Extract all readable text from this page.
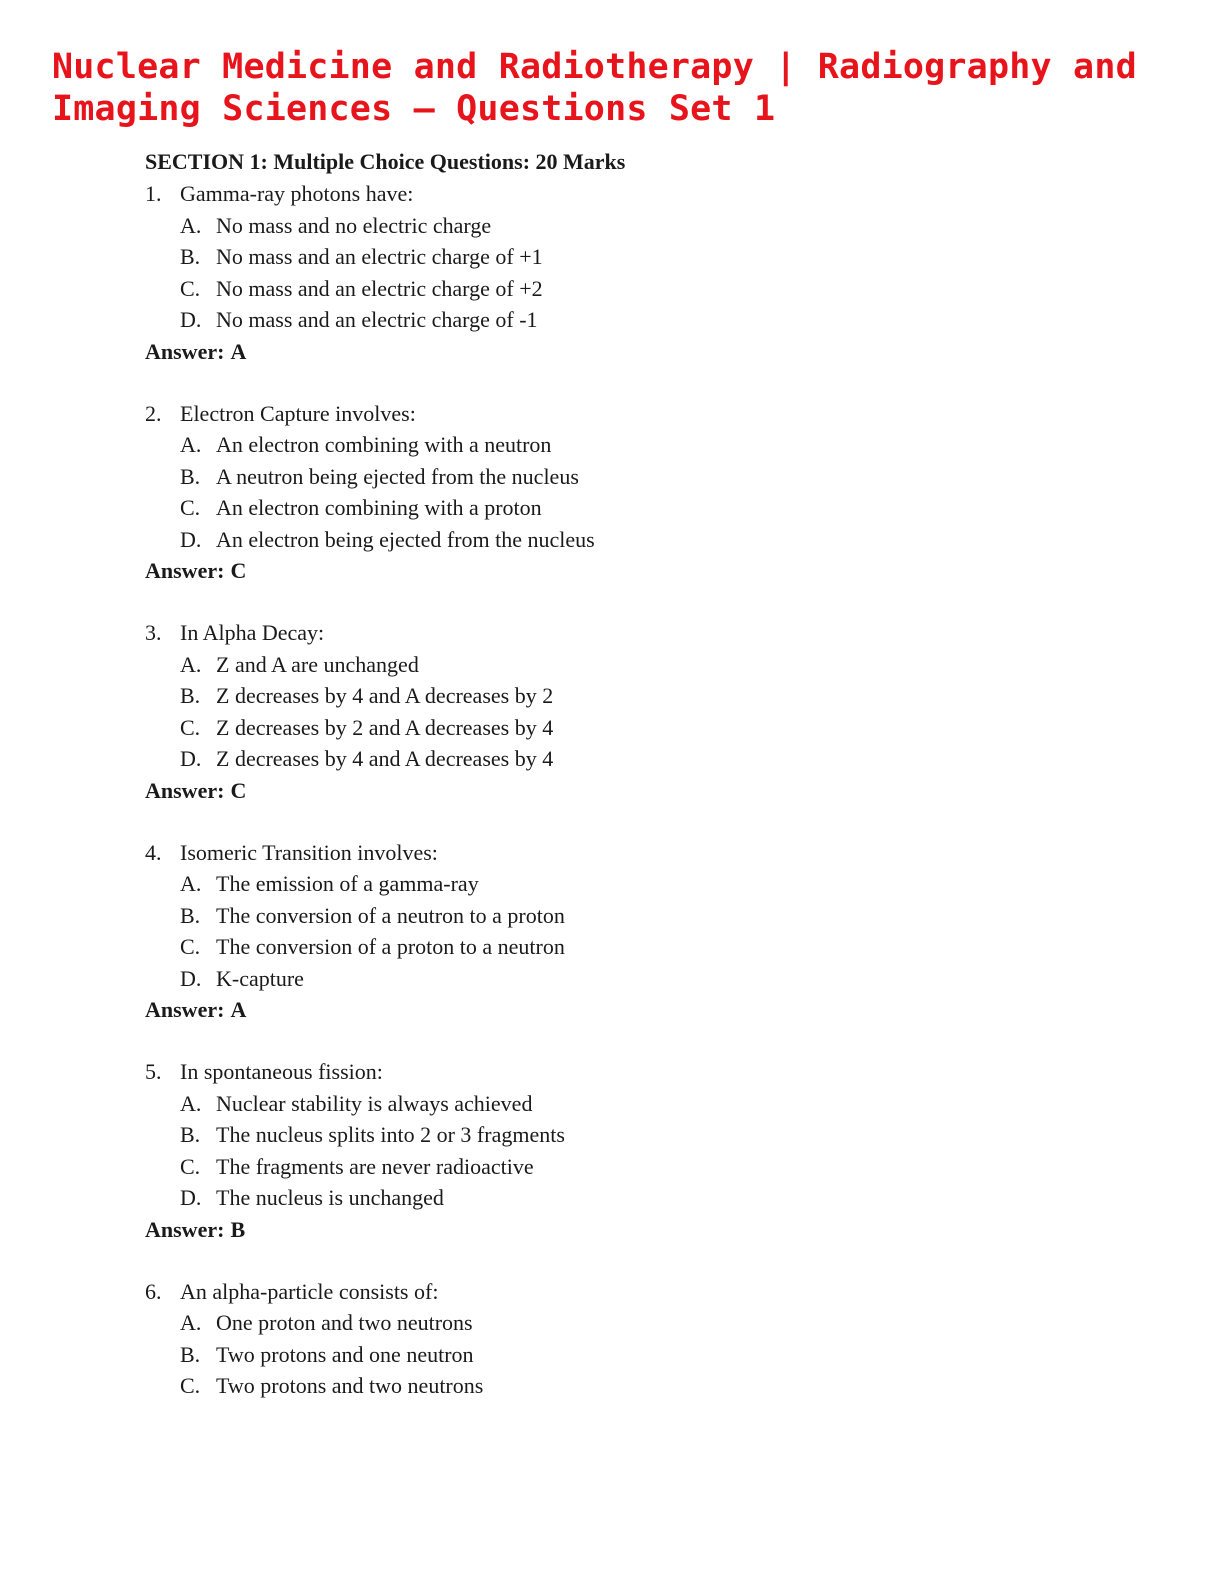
Nuclear Medicine and Radiotherapy | Radiography and Imaging Sciences – Questions Set 1
SECTION 1: Multiple Choice Questions: 20 Marks
1. Gamma-ray photons have:
A. No mass and no electric charge
B. No mass and an electric charge of +1
C. No mass and an electric charge of +2
D. No mass and an electric charge of -1
Answer: A
2. Electron Capture involves:
A. An electron combining with a neutron
B. A neutron being ejected from the nucleus
C. An electron combining with a proton
D. An electron being ejected from the nucleus
Answer: C
3. In Alpha Decay:
A. Z and A are unchanged
B. Z decreases by 4 and A decreases by 2
C. Z decreases by 2 and A decreases by 4
D. Z decreases by 4 and A decreases by 4
Answer: C
4. Isomeric Transition involves:
A. The emission of a gamma-ray
B. The conversion of a neutron to a proton
C. The conversion of a proton to a neutron
D. K-capture
Answer: A
5. In spontaneous fission:
A. Nuclear stability is always achieved
B. The nucleus splits into 2 or 3 fragments
C. The fragments are never radioactive
D. The nucleus is unchanged
Answer: B
6. An alpha-particle consists of:
A. One proton and two neutrons
B. Two protons and one neutron
C. Two protons and two neutrons
